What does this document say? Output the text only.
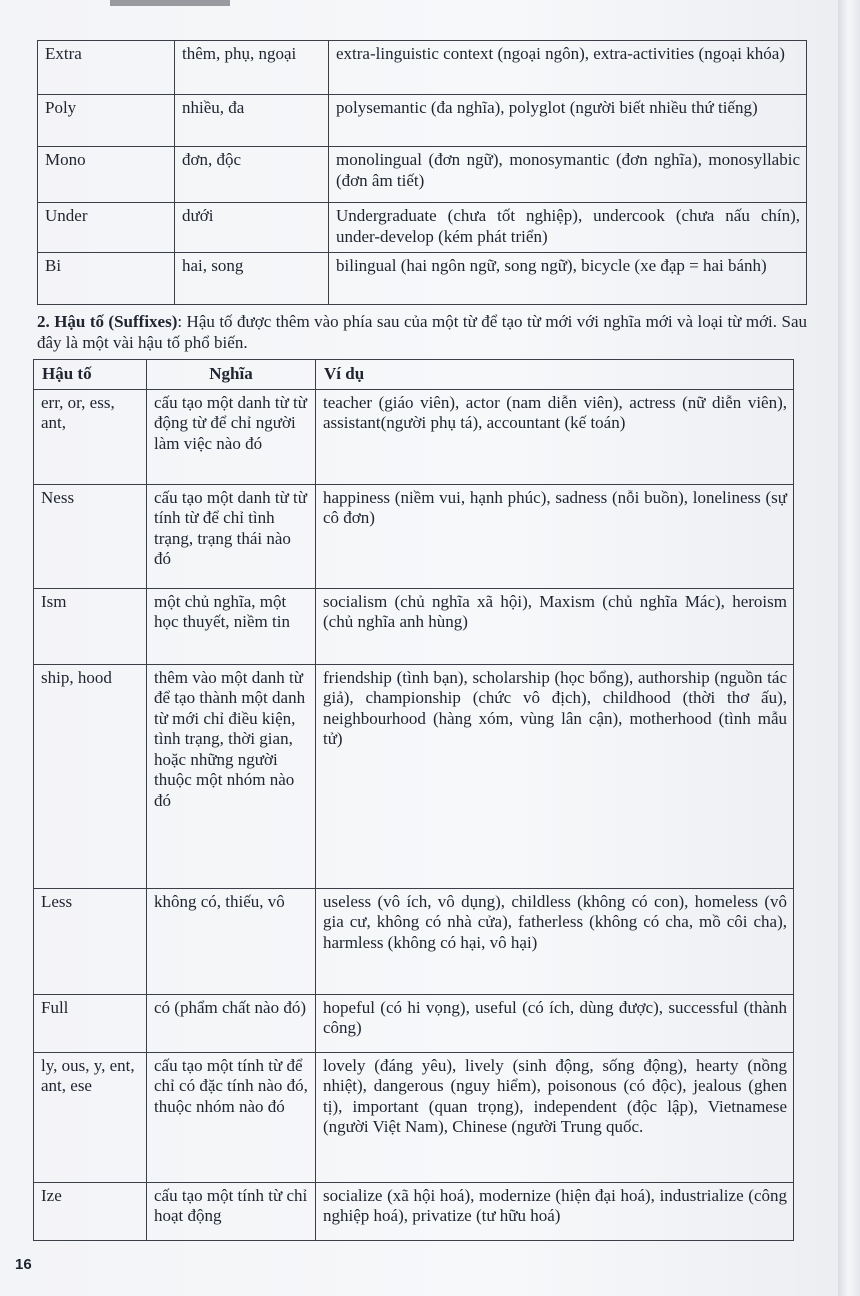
Extra	thêm, phụ, ngoại	extra-linguistic context (ngoại ngôn), extra-activities (ngoại khóa)
Poly	nhiều, đa	polysemantic (đa nghĩa), polyglot (người biết nhiều thứ tiếng)
Mono	đơn, độc	monolingual (đơn ngữ), monosymantic (đơn nghĩa), monosyllabic (đơn âm tiết)
Under	dưới	Undergraduate (chưa tốt nghiệp), undercook (chưa nấu chín), under-develop (kém phát triển)
Bi	hai, song	bilingual (hai ngôn ngữ, song ngữ), bicycle (xe đạp = hai bánh)
2. Hậu tố (Suffixes): Hậu tố được thêm vào phía sau của một từ để tạo từ mới với nghĩa mới và loại từ mới. Sau đây là một vài hậu tố phổ biến.
Hậu tố	Nghĩa	Ví dụ
err, or, ess, ant,	cấu tạo một danh từ từ động từ để chỉ người làm việc nào đó	teacher (giáo viên), actor (nam diễn viên), actress (nữ diễn viên), assistant(người phụ tá), accountant (kế toán)
Ness	cấu tạo một danh từ từ tính từ để chỉ tình trạng, trạng thái nào đó	happiness (niềm vui, hạnh phúc), sadness (nỗi buồn), loneliness (sự cô đơn)
Ism	một chủ nghĩa, một học thuyết, niềm tin	socialism (chủ nghĩa xã hội), Maxism (chủ nghĩa Mác), heroism (chủ nghĩa anh hùng)
ship, hood	thêm vào một danh từ để tạo thành một danh từ mới chỉ điều kiện, tình trạng, thời gian, hoặc những người thuộc một nhóm nào đó	friendship (tình bạn), scholarship (học bổng), authorship (nguồn tác giả), championship (chức vô địch), childhood (thời thơ ấu), neighbourhood (hàng xóm, vùng lân cận), motherhood (tình mẫu tử)
Less	không có, thiếu, vô	useless (vô ích, vô dụng), childless (không có con), homeless (vô gia cư, không có nhà cửa), fatherless (không có cha, mồ côi cha), harmless (không có hại, vô hại)
Full	có (phẩm chất nào đó)	hopeful (có hi vọng), useful (có ích, dùng được), successful (thành công)
ly, ous, y, ent, ant, ese	cấu tạo một tính từ để chỉ có đặc tính nào đó, thuộc nhóm nào đó	lovely (đáng yêu), lively (sinh động, sống động), hearty (nồng nhiệt), dangerous (nguy hiểm), poisonous (có độc), jealous (ghen tị), important (quan trọng), independent (độc lập), Vietnamese (người Việt Nam), Chinese (người Trung quốc.
Ize	cấu tạo một tính từ chỉ hoạt động	socialize (xã hội hoá), modernize (hiện đại hoá), industrialize (công nghiệp hoá), privatize (tư hữu hoá)
16
